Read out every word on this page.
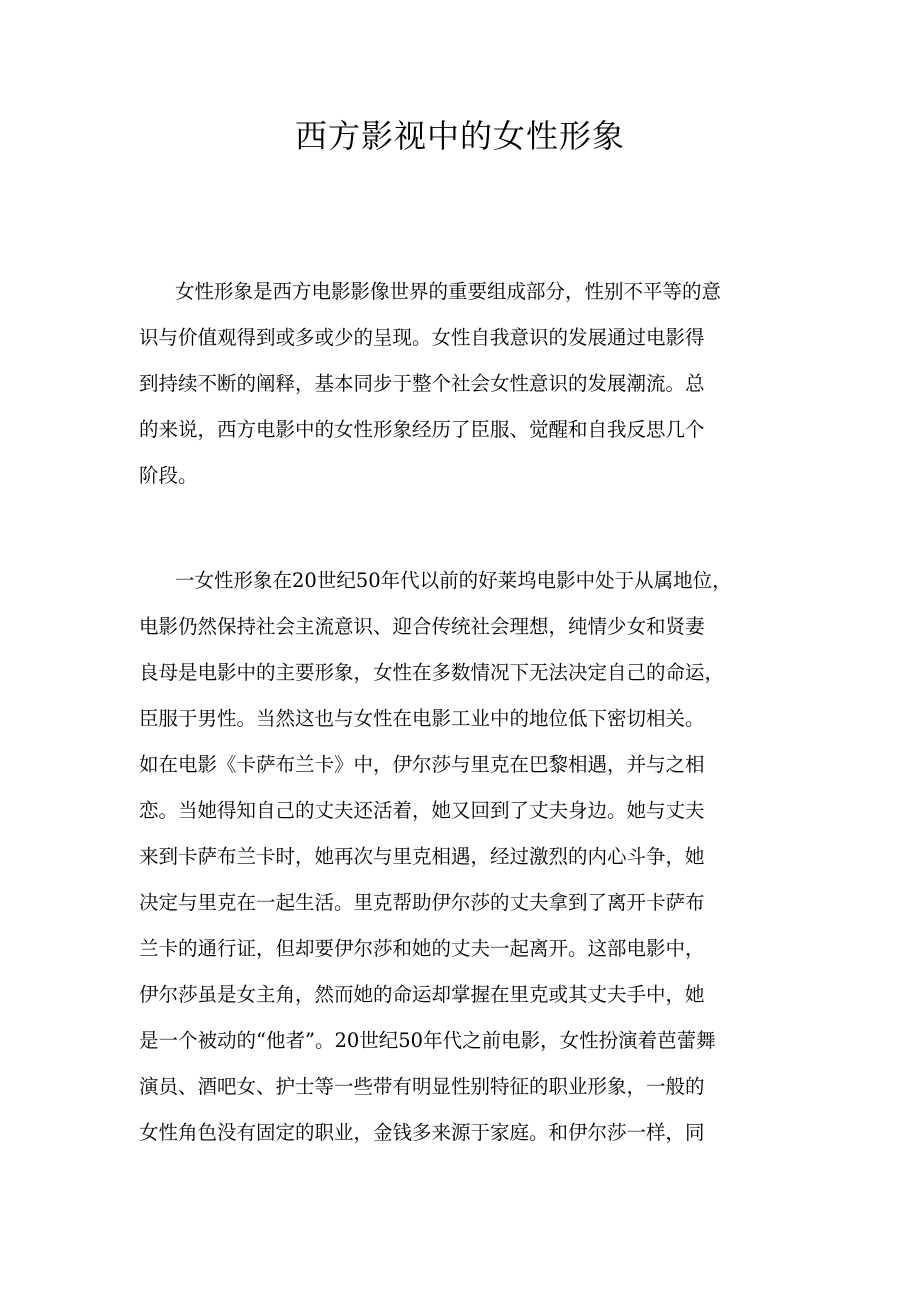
西方影视中的女性形象
女性形象是西方电影影像世界的重要组成部分，性别不平等的意
识与价值观得到或多或少的呈现。女性自我意识的发展通过电影得
到持续不断的阐释，基本同步于整个社会女性意识的发展潮流。总
的来说，西方电影中的女性形象经历了臣服、觉醒和自我反思几个
阶段。
一女性形象在20世纪50年代以前的好莱坞电影中处于从属地位，
电影仍然保持社会主流意识、迎合传统社会理想，纯情少女和贤妻
良母是电影中的主要形象，女性在多数情况下无法决定自己的命运，
臣服于男性。当然这也与女性在电影工业中的地位低下密切相关。
如在电影《卡萨布兰卡》中，伊尔莎与里克在巴黎相遇，并与之相
恋。当她得知自己的丈夫还活着，她又回到了丈夫身边。她与丈夫
来到卡萨布兰卡时，她再次与里克相遇，经过激烈的内心斗争，她
决定与里克在一起生活。里克帮助伊尔莎的丈夫拿到了离开卡萨布
兰卡的通行证，但却要伊尔莎和她的丈夫一起离开。这部电影中，
伊尔莎虽是女主角，然而她的命运却掌握在里克或其丈夫手中，她
是一个被动的“他者”。20世纪50年代之前电影，女性扮演着芭蕾舞
演员、酒吧女、护士等一些带有明显性别特征的职业形象，一般的
女性角色没有固定的职业，金钱多来源于家庭。和伊尔莎一样，同
